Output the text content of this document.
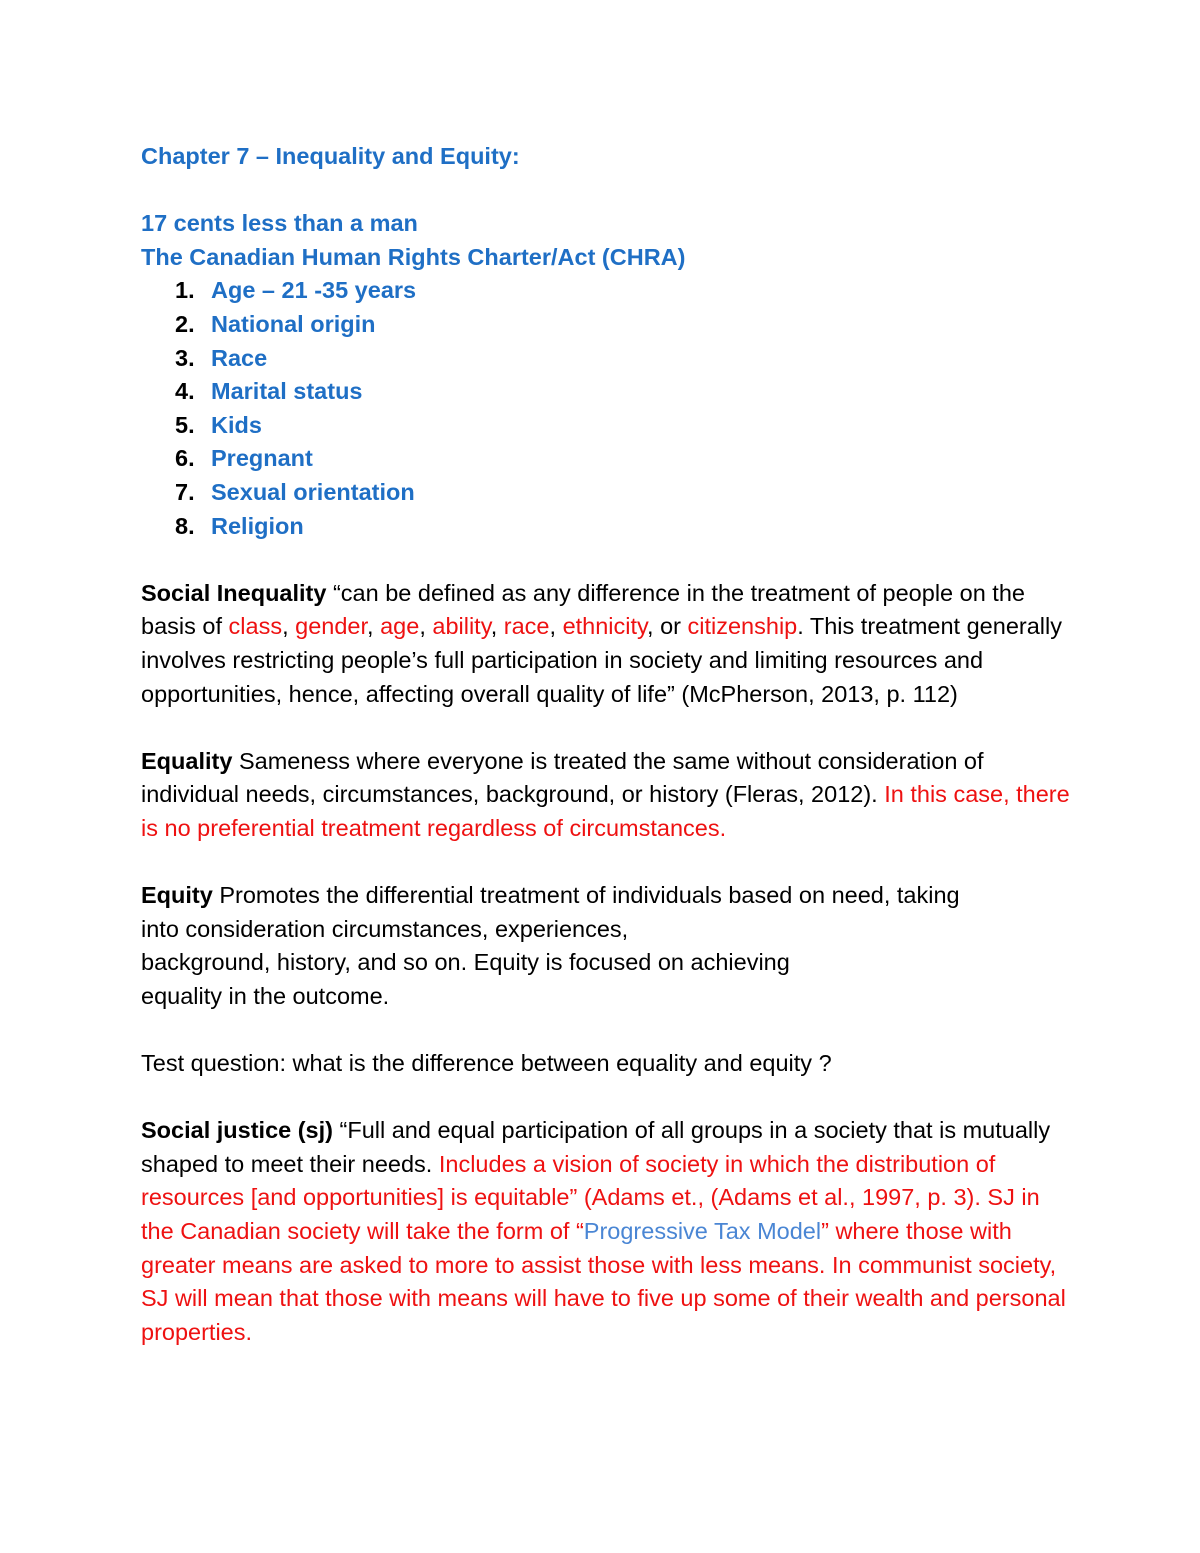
Chapter 7 – Inequality and Equity:

17 cents less than a man

The Canadian Human Rights Charter/Act (CHRA)

1. Age – 21 -35 years
2. National origin
3. Race
4. Marital status
5. Kids
6. Pregnant
7. Sexual orientation
8. Religion

Social Inequality “can be defined as any difference in the treatment of people on the basis of class, gender, age, ability, race, ethnicity, or citizenship. This treatment generally involves restricting people’s full participation in society and limiting resources and opportunities, hence, affecting overall quality of life” (McPherson, 2013, p. 112)

Equality Sameness where everyone is treated the same without consideration of individual needs, circumstances, background, or history (Fleras, 2012). In this case, there is no preferential treatment regardless of circumstances.

Equity Promotes the differential treatment of individuals based on need, taking
into consideration circumstances, experiences,
background, history, and so on. Equity is focused on achieving
equality in the outcome.

Test question: what is the difference between equality and equity ?

Social justice (sj) “Full and equal participation of all groups in a society that is mutually shaped to meet their needs. Includes a vision of society in which the distribution of resources [and opportunities] is equitable” (Adams et., (Adams et al., 1997, p. 3). SJ in the Canadian society will take the form of “Progressive Tax Model” where those with greater means are asked to more to assist those with less means. In communist society, SJ will mean that those with means will have to five up some of their wealth and personal properties.
